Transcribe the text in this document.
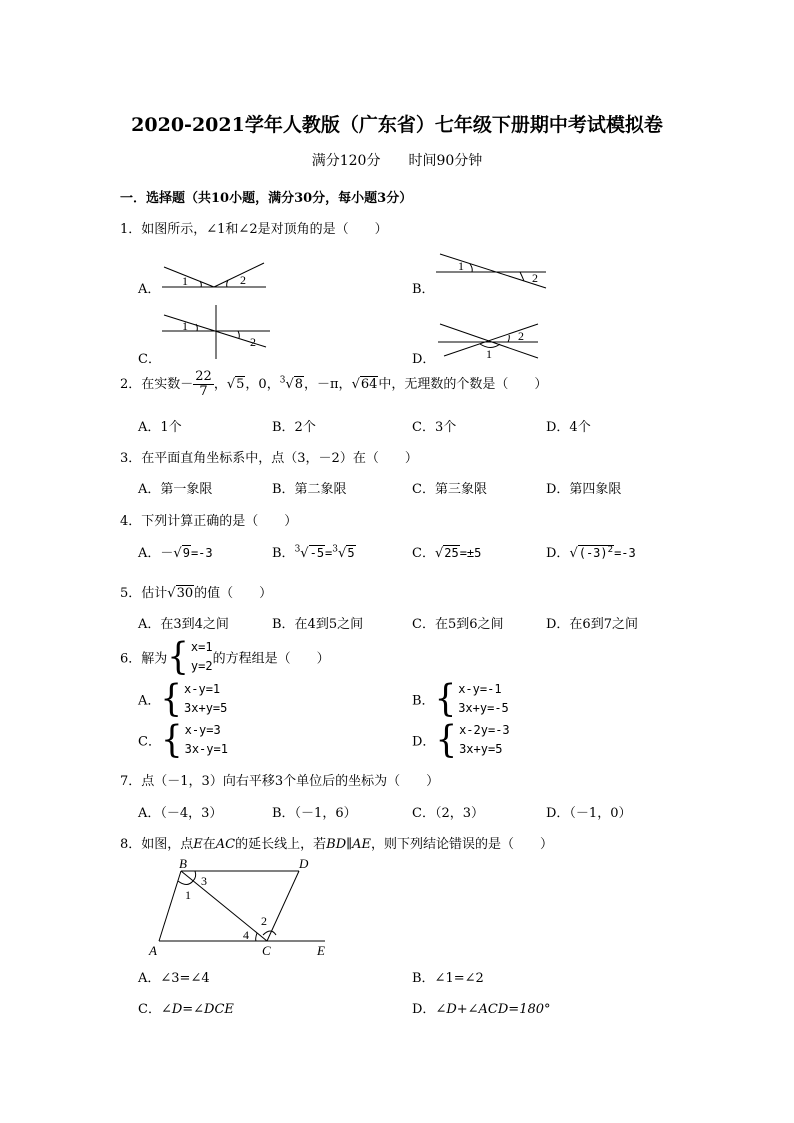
2020-2021学年人教版（广东省）七年级下册期中考试模拟卷
满分120分　　时间90分钟
一．选择题（共10小题，满分30分，每小题3分）
1．如图所示，∠1和∠2是对顶角的是（　　）
A．
1	2
B．
1
2
C．
1
2
D．	1
2
2．在实数－ $\frac{22}{7}$ ，√5，0，$^3$√8，－π，√64中，无理数的个数是（　　）
A．1个	B．2个	C．3个	D．4个
3．在平面直角坐标系中，点（3，－2）在（　　）
A．第一象限	B．第二象限	C．第三象限	D．第四象限
4．下列计算正确的是（　　）
A．－√9=-3	B．$^3$√-5=$^3$√5	C．√25=±5	D．$√(-3)^2=-3$
5．估计√30的值（　　）
A．在3到4之间	B．在4到5之间	C．在5到6之间	D．在6到7之间
6．解为{ x=1
y=2 的方程组是（　　）
A．{ x-y=1
3x+y=5	B．{ x-y=-1
3x+y=-5
C．{ x-y=3
3x-y=1	D．{ x-2y=-3
3x+y=5
7．点（－1，3）向右平移3个单位后的坐标为（　　）
A．（－4，3）	B．（－1，6）	C．（2，3）	D．（－1，0）
8．如图，点E在AC的延长线上，若BD∥AE，则下列结论错误的是（　　）
A
B	D
C	E
1
2
3
4
A．∠3=∠4	B．∠1=∠2
C．∠D=∠DCE	D．∠D+∠ACD=180°
